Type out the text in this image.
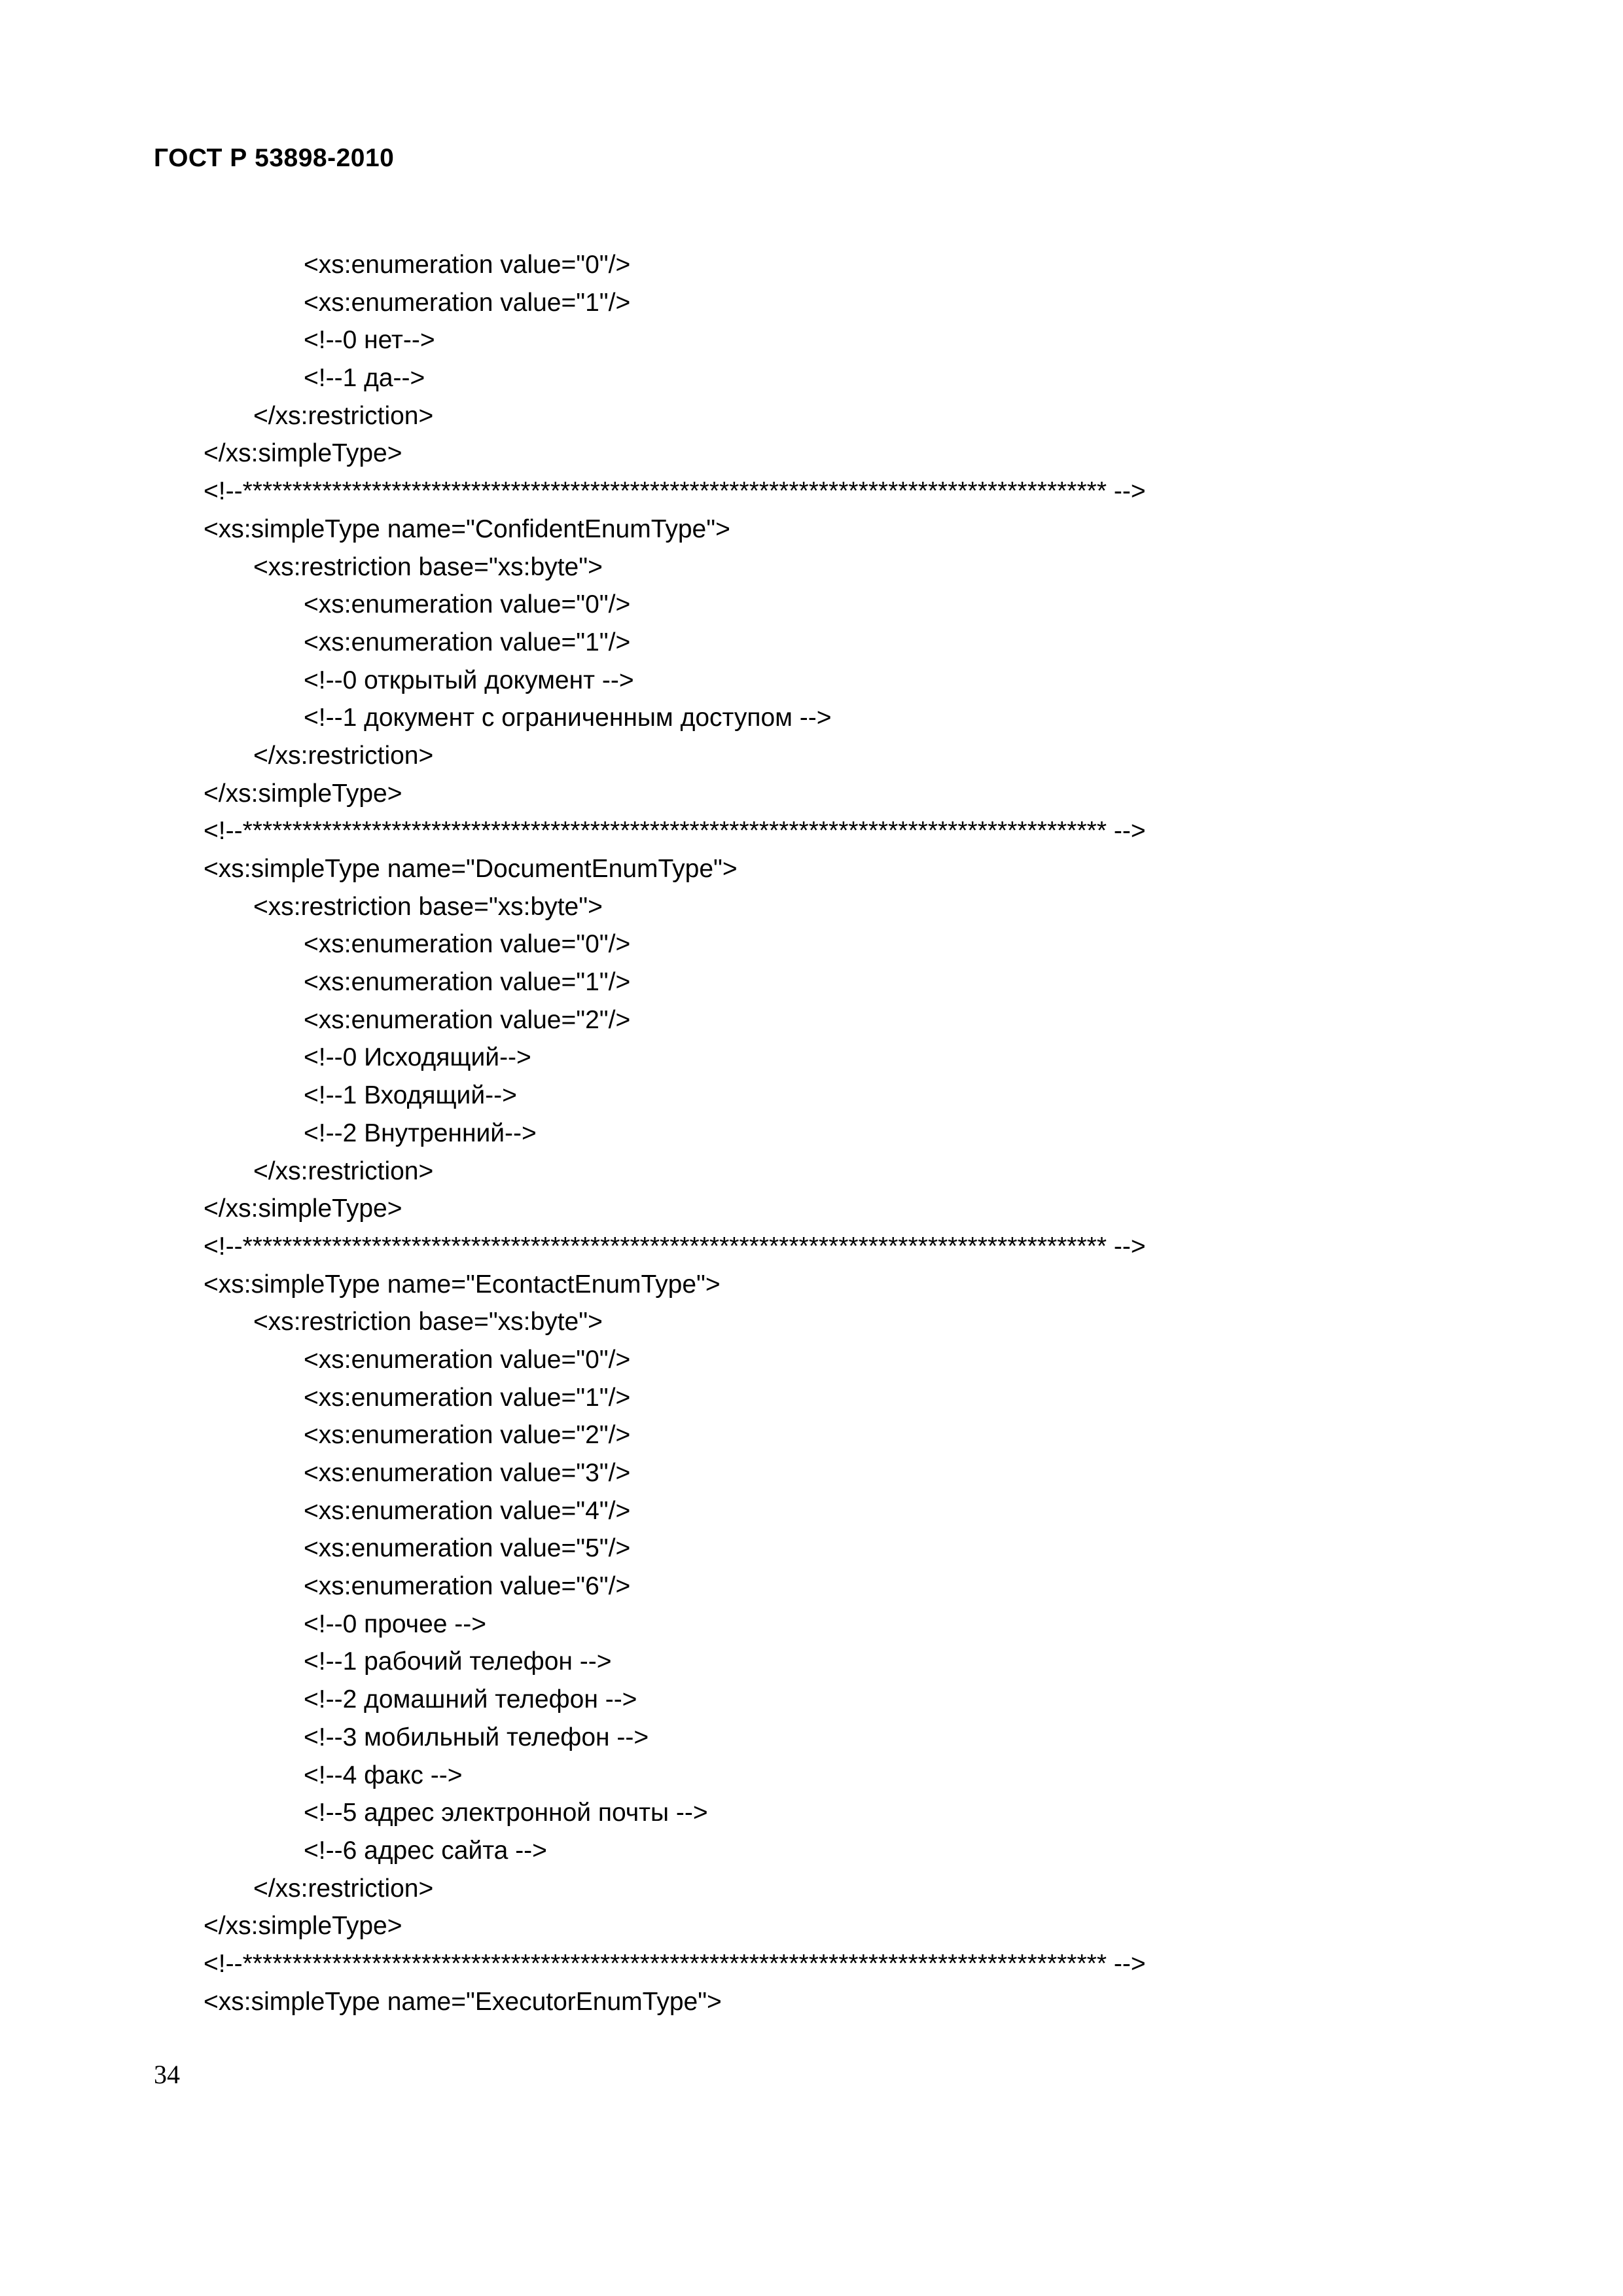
ГОСТ Р 53898-2010
<xs:enumeration value="0"/>
<xs:enumeration value="1"/>
<!--0 нет-->
<!--1 да-->
</xs:restriction>
</xs:simpleType>
<!--*************************************************************************************** -->
<xs:simpleType name="ConfidentEnumType">
<xs:restriction base="xs:byte">
<xs:enumeration value="0"/>
<xs:enumeration value="1"/>
<!--0 открытый документ -->
<!--1 документ с ограниченным доступом -->
</xs:restriction>
</xs:simpleType>
<!--*************************************************************************************** -->
<xs:simpleType name="DocumentEnumType">
<xs:restriction base="xs:byte">
<xs:enumeration value="0"/>
<xs:enumeration value="1"/>
<xs:enumeration value="2"/>
<!--0 Исходящий-->
<!--1 Входящий-->
<!--2 Внутренний-->
</xs:restriction>
</xs:simpleType>
<!--*************************************************************************************** -->
<xs:simpleType name="EcontactEnumType">
<xs:restriction base="xs:byte">
<xs:enumeration value="0"/>
<xs:enumeration value="1"/>
<xs:enumeration value="2"/>
<xs:enumeration value="3"/>
<xs:enumeration value="4"/>
<xs:enumeration value="5"/>
<xs:enumeration value="6"/>
<!--0 прочее -->
<!--1 рабочий телефон -->
<!--2 домашний телефон -->
<!--3 мобильный телефон -->
<!--4 факс -->
<!--5 адрес электронной почты -->
<!--6 адрес сайта -->
</xs:restriction>
</xs:simpleType>
<!--*************************************************************************************** -->
<xs:simpleType name="ExecutorEnumType">
34
